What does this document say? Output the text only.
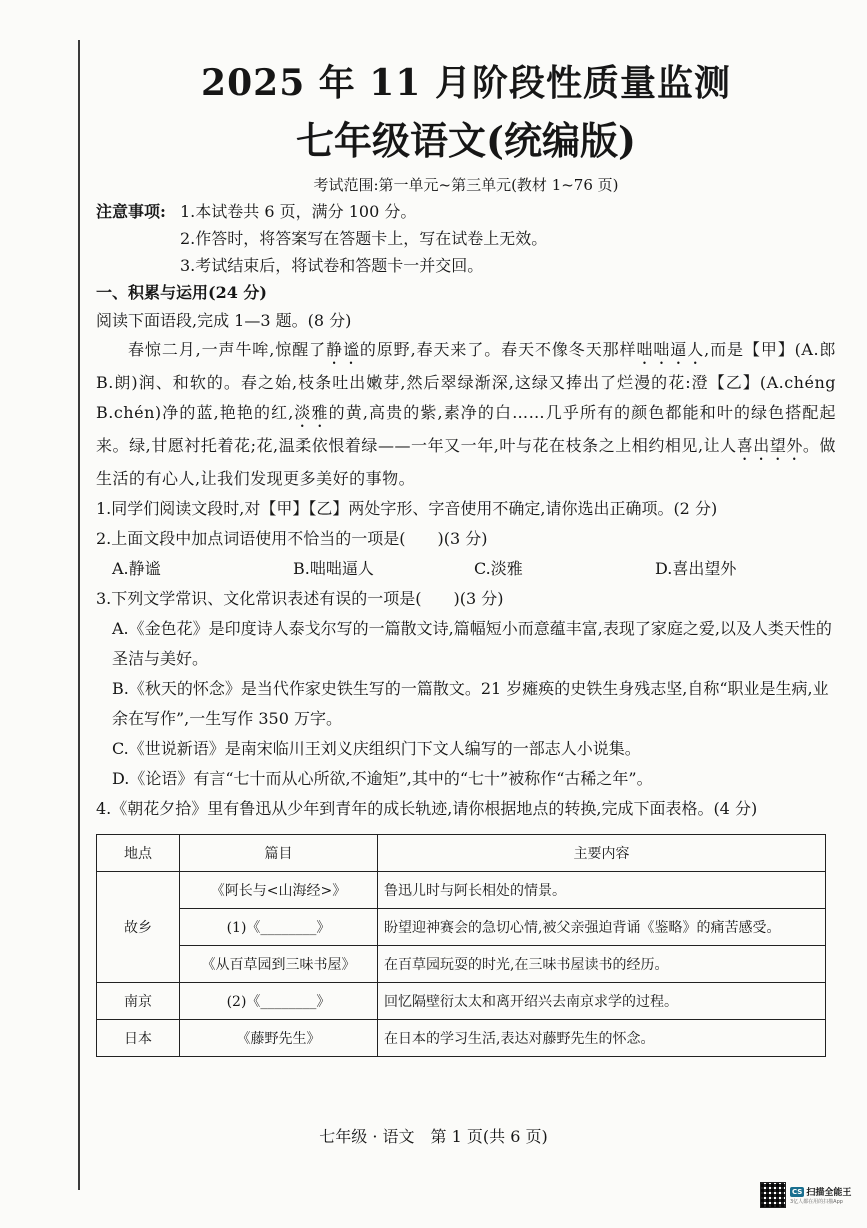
2025 年 11 月阶段性质量监测
七年级语文(统编版)
考试范围:第一单元~第三单元(教材 1~76 页)
注意事项: 1.本试卷共 6 页，满分 100 分。
2.作答时，将答案写在答题卡上，写在试卷上无效。
3.考试结束后，将试卷和答题卡一并交回。
一、积累与运用(24 分)
阅读下面语段,完成 1—3 题。(8 分)
春惊二月,一声牛哞,惊醒了静谧的原野,春天来了。春天不像冬天那样咄咄逼人,而是【甲】(A.郎　B.朗)润、和软的。春之始,枝条吐出嫩芽,然后翠绿渐深,这绿又捧出了烂漫的花:澄【乙】(A.chéng　B.chén)净的蓝,艳艳的红,淡雅的黄,高贵的紫,素净的白……几乎所有的颜色都能和叶的绿色搭配起来。绿,甘愿衬托着花;花,温柔依恨着绿——一年又一年,叶与花在枝条之上相约相见,让人喜出望外。做生活的有心人,让我们发现更多美好的事物。
1.同学们阅读文段时,对【甲】【乙】两处字形、字音使用不确定,请你选出正确项。(2 分)
2.上面文段中加点词语使用不恰当的一项是(　　)(3 分)
A.静谧	B.咄咄逼人	C.淡雅	D.喜出望外
3.下列文学常识、文化常识表述有误的一项是(　　)(3 分)
A.《金色花》是印度诗人泰戈尔写的一篇散文诗,篇幅短小而意蕴丰富,表现了家庭之爱,以及人类天性的圣洁与美好。
B.《秋天的怀念》是当代作家史铁生写的一篇散文。21 岁瘫痪的史铁生身残志坚,自称“职业是生病,业余在写作”,一生写作 350 万字。
C.《世说新语》是南宋临川王刘义庆组织门下文人编写的一部志人小说集。
D.《论语》有言“七十而从心所欲,不逾矩”,其中的“七十”被称作“古稀之年”。
4.《朝花夕拾》里有鲁迅从少年到青年的成长轨迹,请你根据地点的转换,完成下面表格。(4 分)
地点	篇目	主要内容
故乡	《阿长与<山海经>》	鲁迅儿时与阿长相处的情景。
	(1)《________》	盼望迎神赛会的急切心情,被父亲强迫背诵《鉴略》的痛苦感受。
	《从百草园到三味书屋》	在百草园玩耍的时光,在三味书屋读书的经历。
南京	(2)《________》	回忆隔壁衍太太和离开绍兴去南京求学的过程。
日本	《藤野先生》	在日本的学习生活,表达对藤野先生的怀念。
七年级 · 语文　第 1 页(共 6 页)
CS 扫描全能王
3亿人都在用的扫描App
